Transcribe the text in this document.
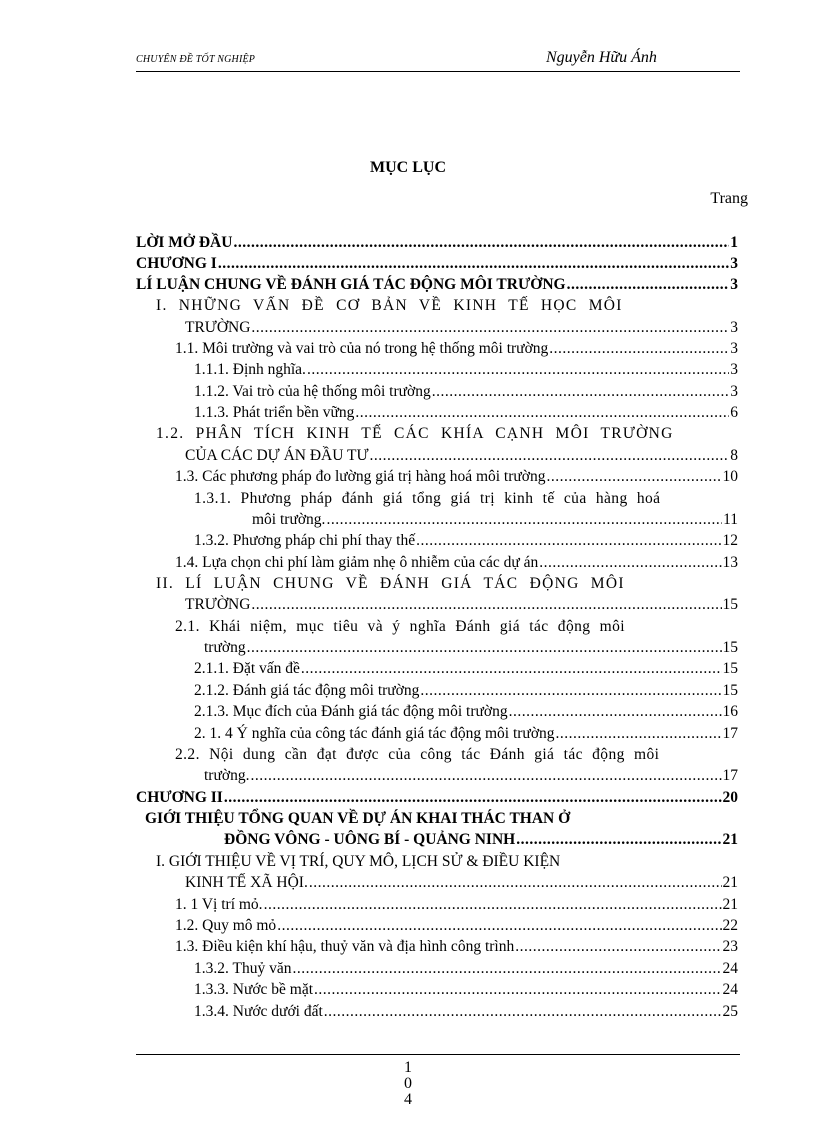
CHUYÊN ĐỀ TỐT NGHIỆP	Nguyễn Hữu Ánh
MỤC LỤC
Trang
LỜI MỞ ĐẦU .....	1
CHƯƠNG I .....	3
LÍ LUẬN CHUNG VỀ ĐÁNH GIÁ TÁC ĐỘNG MÔI TRƯỜNG .....	3
I. NHỮNG VẤN ĐỀ CƠ BẢN VỀ KINH TẾ HỌC MÔI
TRƯỜNG .....	3
1.1. Môi trường và vai trò của nó trong hệ thống môi trường .....	3
1.1.1. Định nghĩa. .....	3
1.1.2. Vai trò của hệ thống môi trường .....	3
1.1.3. Phát triển bền vững .....	6
1.2. PHÂN TÍCH KINH TẾ CÁC KHÍA CẠNH MÔI TRƯỜNG
CỦA CÁC DỰ ÁN ĐẦU TƯ .....	8
1.3. Các phương pháp đo lường giá trị hàng hoá môi trường .....	10
1.3.1. Phương pháp đánh giá tổng giá trị kinh tế của hàng hoá
môi trường. .....	11
1.3.2. Phương pháp chi phí thay thế .....	12
1.4. Lựa chọn chi phí làm giảm nhẹ ô nhiễm của các dự án .....	13
II. LÍ LUẬN CHUNG VỀ ĐÁNH GIÁ TÁC ĐỘNG MÔI
TRƯỜNG .....	15
2.1. Khái niệm, mục tiêu và ý nghĩa Đánh giá tác động môi
trường .....	15
2.1.1. Đặt vấn đề .....	15
2.1.2. Đánh giá tác động môi trường .....	15
2.1.3. Mục đích của Đánh giá tác động môi trường .....	16
2. 1. 4 Ý nghĩa của công tác đánh giá tác động môi trường .....	17
2.2. Nội dung cần đạt được của công tác Đánh giá tác động môi
trường. .....	17
CHƯƠNG II .....	20
GIỚI THIỆU TỔNG QUAN VỀ DỰ ÁN KHAI THÁC THAN Ở
ĐỒNG VÔNG - UÔNG BÍ - QUẢNG NINH .....	21
I. GIỚI THIỆU VỀ VỊ TRÍ, QUY MÔ, LỊCH SỬ & ĐIỀU KIỆN
KINH TẾ XÃ HỘI. .....	21
1. 1 Vị trí mỏ. .....	21
1.2. Quy mô mỏ .....	22
1.3. Điều kiện khí hậu, thuỷ văn và địa hình công trình .....	23
1.3.2. Thuỷ văn .....	24
1.3.3. Nước bề mặt .....	24
1.3.4. Nước dưới đất .....	25
1
0
4
